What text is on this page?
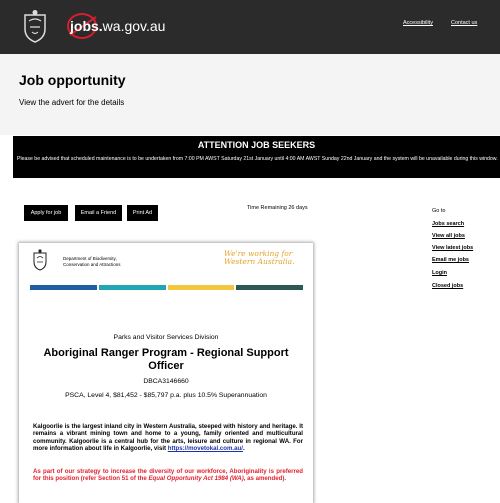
jobs.wa.gov.au	Accessibility	Contact us
Job opportunity

View the advert for the details

ATTENTION JOB SEEKERS

Please be advised that scheduled maintenance is to be undertaken from 7:00 PM AWST Saturday 21st January until 4:00 AM AWST Sunday 22nd January and the system will be unavailable during this window.

Apply for job	Email a Friend	Print Ad
Time Remaining 26 days	Go to
Jobs search
View all jobs
View latest jobs
Email me jobs
Login
Closed jobs
Department of Biodiversity,
Conservation and Attractions
We're working for
Western Australia.
Parks and Visitor Services Division
Aboriginal Ranger Program - Regional Support Officer
DBCA3146660
PSCA, Level 4, $81,452 - $85,797 p.a. plus 10.5% Superannuation
Kalgoorlie is the largest inland city in Western Australia, steeped with history and heritage. It remains a vibrant mining town and home to a young, family oriented and multicultural community. Kalgoorlie is a central hub for the arts, leisure and culture in regional WA. For more information about life in Kalgoorlie, visit https://movetokal.com.au/.
As part of our strategy to increase the diversity of our workforce, Aboriginality is preferred for this position (refer Section 51 of the Equal Opportunity Act 1984 (WA), as amended).
